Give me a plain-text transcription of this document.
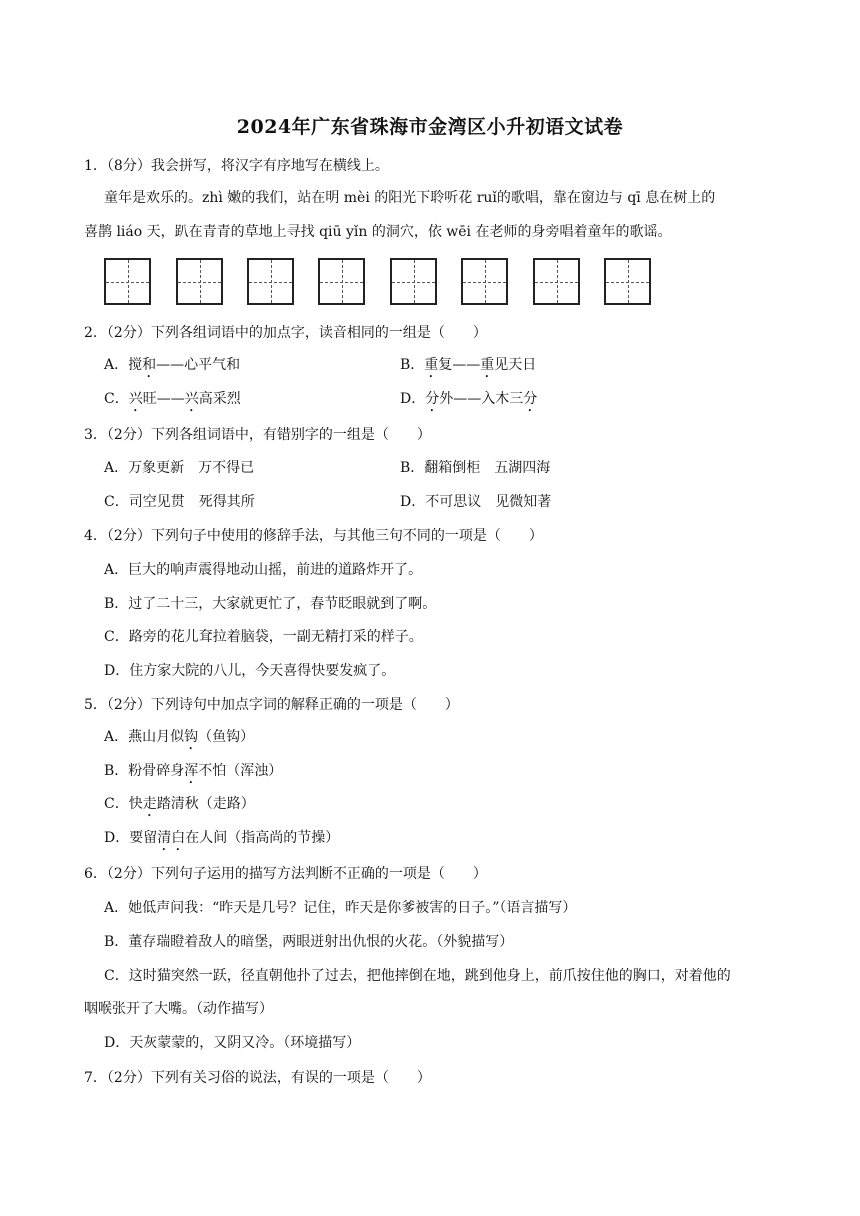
2024年广东省珠海市金湾区小升初语文试卷
1．（8分）我会拼写，将汉字有序地写在横线上。
童年是欢乐的。zhì 嫩的我们，站在明 mèi 的阳光下聆听花 ruǐ的歌唱，靠在窗边与 qī 息在树上的
喜鹊 liáo 天，趴在青青的草地上寻找 qiū yǐn 的洞穴，依 wēi 在老师的身旁唱着童年的歌谣。
2．（2分）下列各组词语中的加点字，读音相同的一组是（　　）
A．搅和——心平气和	B．重复——重见天日
C．兴旺——兴高采烈	D．分外——入木三分
3．（2分）下列各组词语中，有错别字的一组是（　　）
A．万象更新　万不得已	B．翻箱倒柜　五湖四海
C．司空见贯　死得其所	D．不可思议　见微知著
4．（2分）下列句子中使用的修辞手法，与其他三句不同的一项是（　　）
A．巨大的响声震得地动山摇，前进的道路炸开了。
B．过了二十三，大家就更忙了，春节眨眼就到了啊。
C．路旁的花儿耷拉着脑袋，一副无精打采的样子。
D．住方家大院的八儿，今天喜得快要发疯了。
5．（2分）下列诗句中加点字词的解释正确的一项是（　　）
A．燕山月似钩（鱼钩）
B．粉骨碎身浑不怕（浑浊）
C．快走踏清秋（走路）
D．要留清白在人间（指高尚的节操）
6．（2分）下列句子运用的描写方法判断不正确的一项是（　　）
A．她低声问我：“昨天是几号？记住，昨天是你爹被害的日子。”（语言描写）
B．董存瑞瞪着敌人的暗堡，两眼迸射出仇恨的火花。（外貌描写）
C．这时猫突然一跃，径直朝他扑了过去，把他摔倒在地，跳到他身上，前爪按住他的胸口，对着他的
咽喉张开了大嘴。（动作描写）
D．天灰蒙蒙的，又阴又冷。（环境描写）
7．（2分）下列有关习俗的说法，有误的一项是（　　）
